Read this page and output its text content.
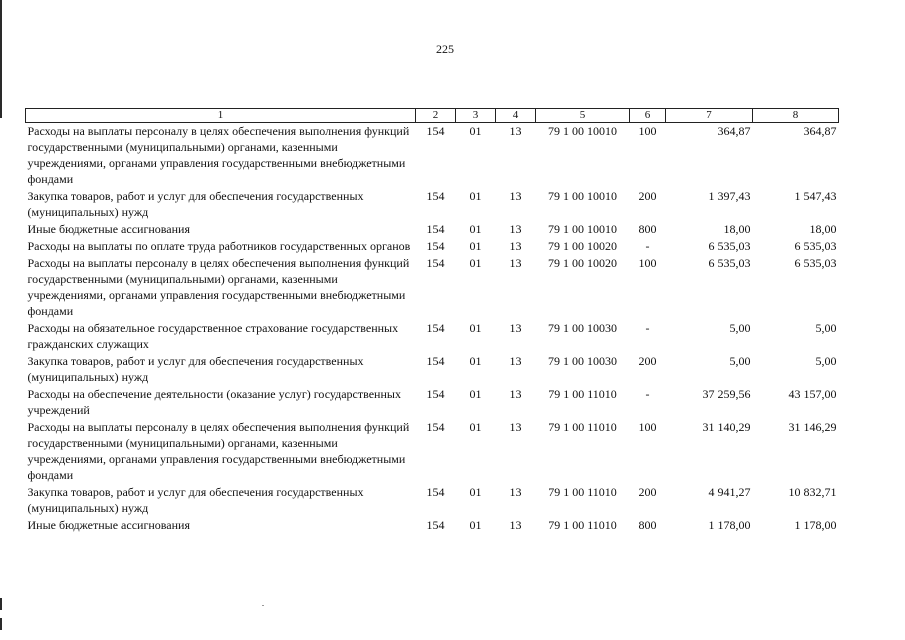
225
1	2	3	4	5	6	7	8
Расходы на выплаты персоналу в целях обеспечения выполнения функций государственными (муниципальными) органами, казенными учреждениями, органами управления государственными внебюджетными фондами	154	01	13	79 1 00 10010	100	364,87	364,87
Закупка товаров, работ и услуг для обеспечения государственных (муниципальных) нужд	154	01	13	79 1 00 10010	200	1 397,43	1 547,43
Иные бюджетные ассигнования	154	01	13	79 1 00 10010	800	18,00	18,00
Расходы на выплаты по оплате труда работников государственных органов	154	01	13	79 1 00 10020	-	6 535,03	6 535,03
Расходы на выплаты персоналу в целях обеспечения выполнения функций государственными (муниципальными) органами, казенными учреждениями, органами управления государственными внебюджетными фондами	154	01	13	79 1 00 10020	100	6 535,03	6 535,03
Расходы на обязательное государственное страхование государственных гражданских служащих	154	01	13	79 1 00 10030	-	5,00	5,00
Закупка товаров, работ и услуг для обеспечения государственных (муниципальных) нужд	154	01	13	79 1 00 10030	200	5,00	5,00
Расходы на обеспечение деятельности (оказание услуг) государственных учреждений	154	01	13	79 1 00 11010	-	37 259,56	43 157,00
Расходы на выплаты персоналу в целях обеспечения выполнения функций государственными (муниципальными) органами, казенными учреждениями, органами управления государственными внебюджетными фондами	154	01	13	79 1 00 11010	100	31 140,29	31 146,29
Закупка товаров, работ и услуг для обеспечения государственных (муниципальных) нужд	154	01	13	79 1 00 11010	200	4 941,27	10 832,71
Иные бюджетные ассигнования	154	01	13	79 1 00 11010	800	1 178,00	1 178,00
